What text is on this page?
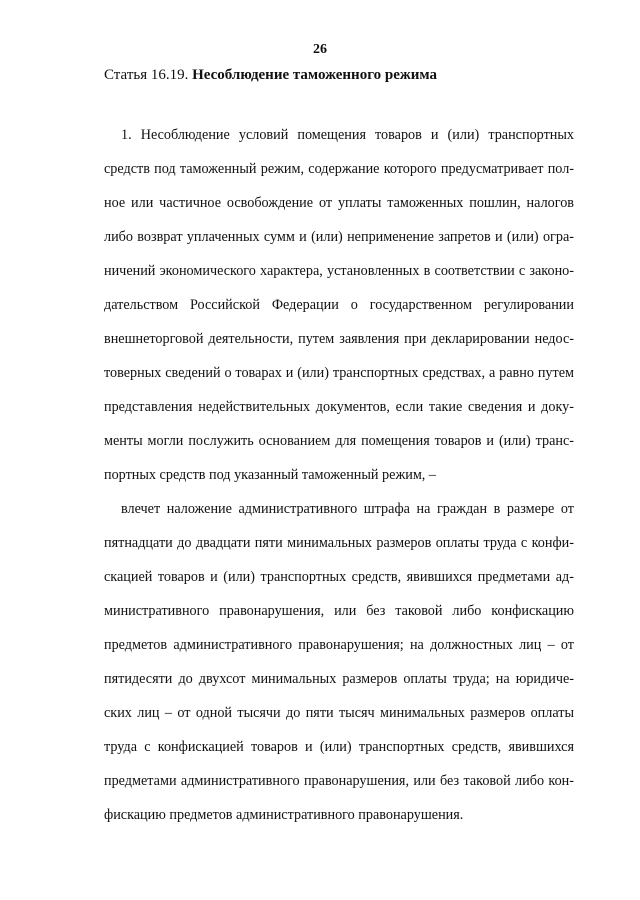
26
Статья 16.19. Несоблюдение таможенного режима
1. Несоблюдение условий помещения товаров и (или) транспортных
средств под таможенный режим, содержание которого предусматривает пол-
ное или частичное освобождение от уплаты таможенных пошлин, налогов
либо возврат уплаченных сумм и (или) неприменение запретов и (или) огра-
ничений экономического характера, установленных в соответствии с законо-
дательством Российской Федерации о государственном регулировании
внешнеторговой деятельности, путем заявления при декларировании недос-
товерных сведений о товарах и (или) транспортных средствах, а равно путем
представления недействительных документов, если такие сведения и доку-
менты могли послужить основанием для помещения товаров и (или) транс-
портных средств под указанный таможенный режим, –
влечет наложение административного штрафа на граждан в размере от
пятнадцати до двадцати пяти минимальных размеров оплаты труда с конфи-
скацией товаров и (или) транспортных средств, явившихся предметами ад-
министративного правонарушения, или без таковой либо конфискацию
предметов административного правонарушения; на должностных лиц – от
пятидесяти до двухсот минимальных размеров оплаты труда; на юридиче-
ских лиц – от одной тысячи до пяти тысяч минимальных размеров оплаты
труда с конфискацией товаров и (или) транспортных средств, явившихся
предметами административного правонарушения, или без таковой либо кон-
фискацию предметов административного правонарушения.
